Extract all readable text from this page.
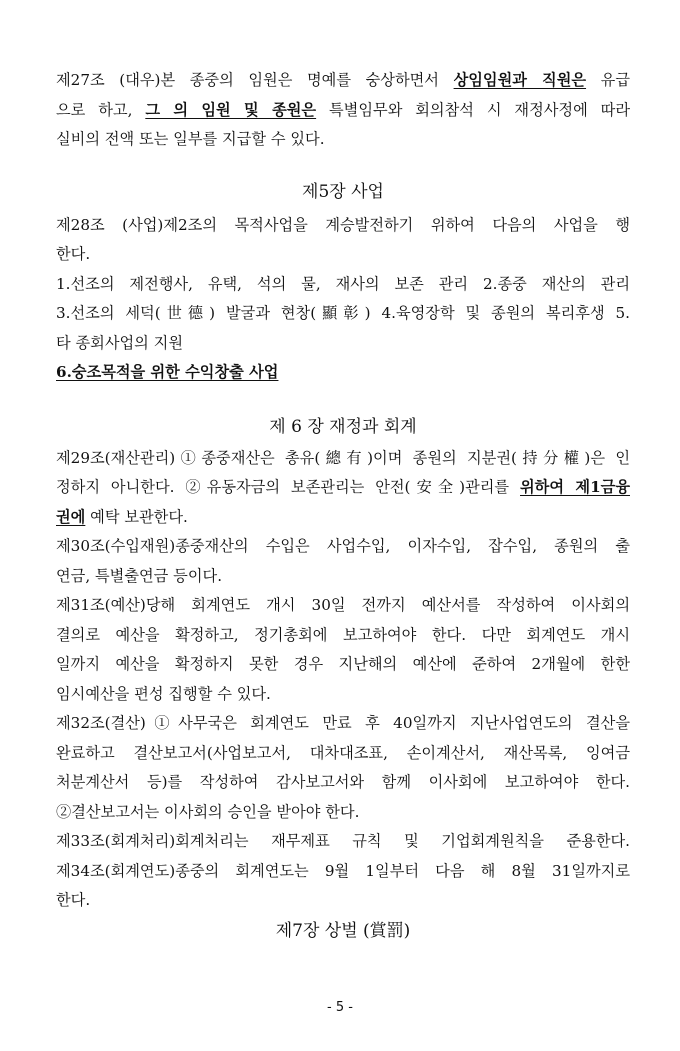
제27조 (대우)본 종중의 임원은 명예를 숭상하면서 상임임원과 직원은 유급

으로 하고, 그 의 임원 및 종원은 특별임무와 회의참석 시 재정사정에 따라

실비의 전액 또는 일부를 지급할 수 있다.

제5장 사업

제28조 (사업)제2조의 목적사업을 계승발전하기 위하여 다음의 사업을 행

한다.

1.선조의 제전행사, 유택, 석의 물, 재사의 보존 관리 2.종중 재산의 관리

3.선조의 세덕(世德) 발굴과 현창(顯彰) 4.육영장학 및 종원의 복리후생 5.

타 종회사업의 지원

6.숭조목적을 위한 수익창출 사업

제 6 장 재정과 회계

제29조(재산관리)①종중재산은 총유(總有)이며 종원의 지분권(持分權)은 인

정하지 아니한다. ②유동자금의 보존관리는 안전(安全)관리를 위하여 제1금융

권에 예탁 보관한다.

제30조(수입재원)종중재산의 수입은 사업수입, 이자수입, 잡수입, 종원의 출

연금, 특별출연금 등이다.

제31조(예산)당해 회계연도 개시 30일 전까지 예산서를 작성하여 이사회의

결의로 예산을 확정하고, 정기총회에 보고하여야 한다. 다만 회계연도 개시

일까지 예산을 확정하지 못한 경우 지난해의 예산에 준하여 2개월에 한한

임시예산을 편성 집행할 수 있다.

제32조(결산)①사무국은 회계연도 만료 후 40일까지 지난사업연도의 결산을

완료하고 결산보고서(사업보고서, 대차대조표, 손이계산서, 재산목록, 잉여금

처분계산서 등)를 작성하여 감사보고서와 함께 이사회에 보고하여야 한다.

②결산보고서는 이사회의 승인을 받아야 한다.

제33조(회계처리)회계처리는 재무제표 규칙 및 기업회계원칙을 준용한다.

제34조(회계연도)종중의 회계연도는 9월 1일부터 다음 해 8월 31일까지로

한다.

제7장 상벌 (賞罰)

- 5 -
